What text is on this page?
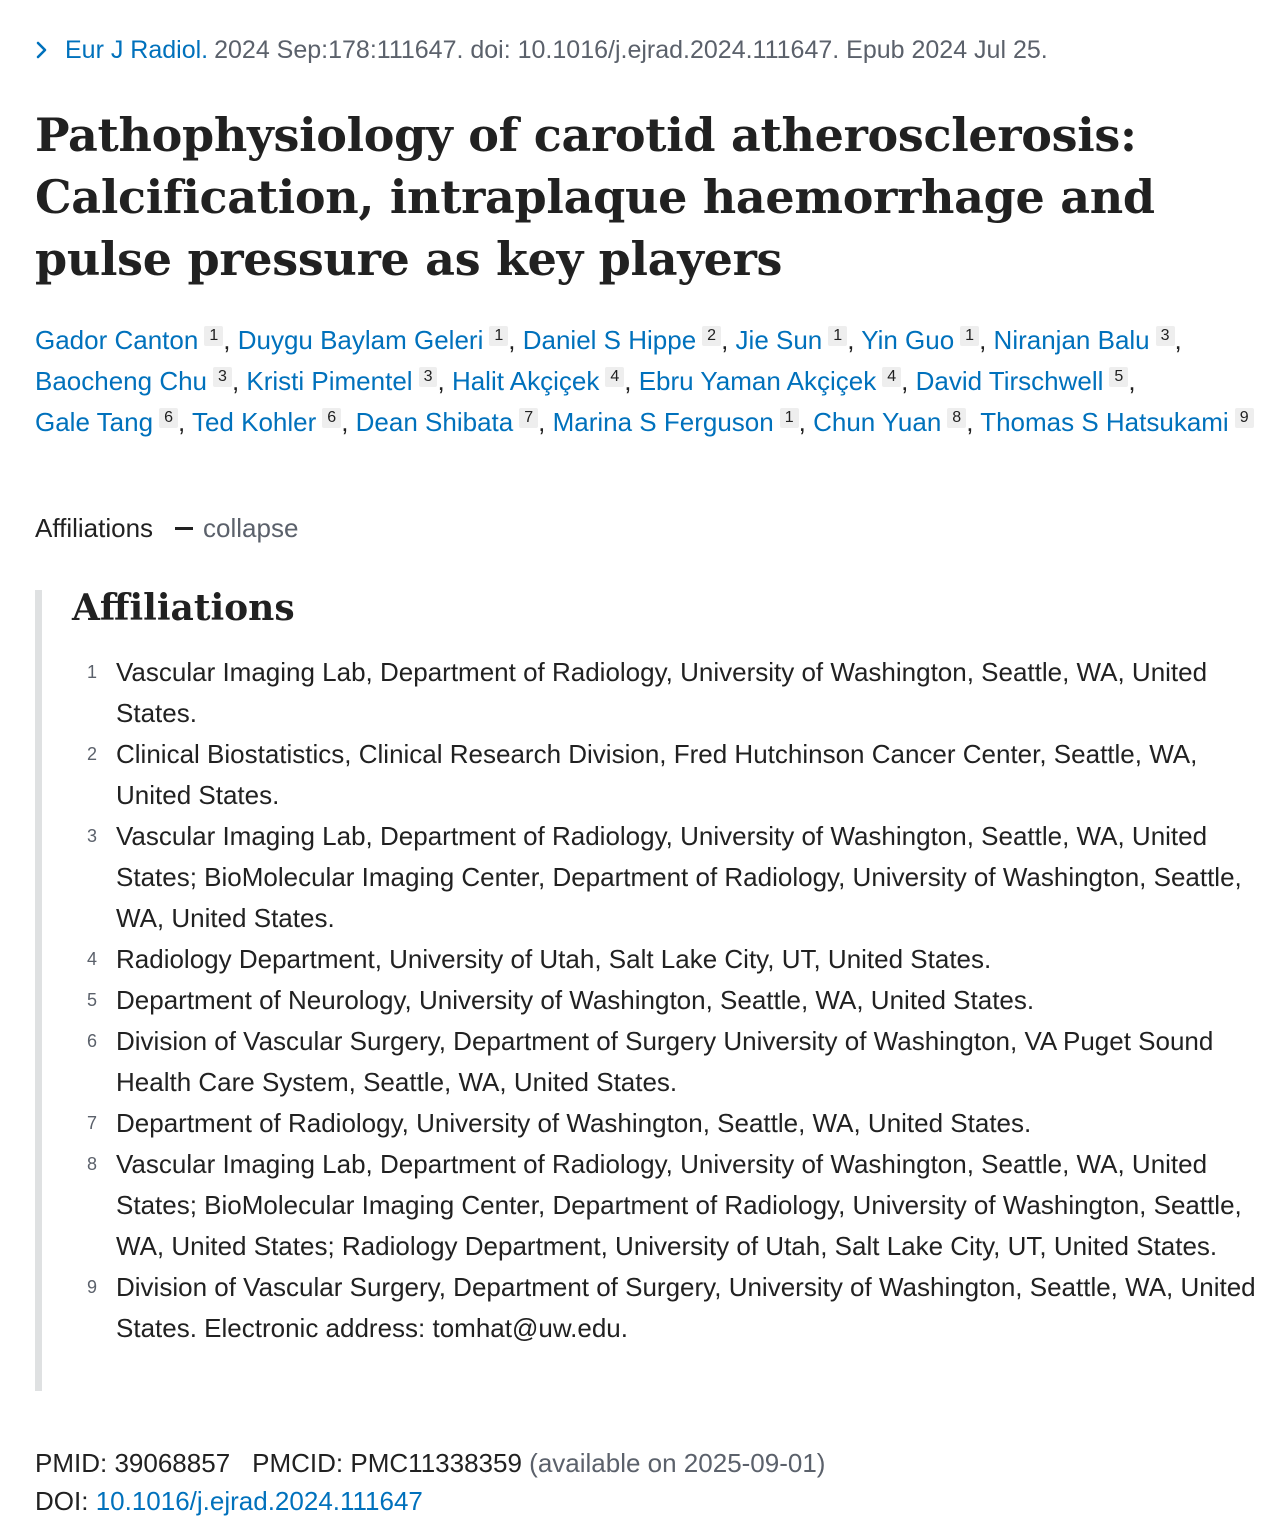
Eur J Radiol. 2024 Sep:178:111647. doi: 10.1016/j.ejrad.2024.111647. Epub 2024 Jul 25.
Pathophysiology of carotid atherosclerosis: Calcification, intraplaque haemorrhage and pulse pressure as key players
Gador Canton 1 , Duygu Baylam Geleri 1 , Daniel S Hippe 2 , Jie Sun 1 , Yin Guo 1 , Niranjan Balu 3 , Baocheng Chu 3 , Kristi Pimentel 3 , Halit Akçiçek 4 , Ebru Yaman Akçiçek 4 , David Tirschwell 5 , Gale Tang 6 , Ted Kohler 6 , Dean Shibata 7 , Marina S Ferguson 1 , Chun Yuan 8 , Thomas S Hatsukami 9
Affiliations collapse
Affiliations
1 Vascular Imaging Lab, Department of Radiology, University of Washington, Seattle, WA, United States.
2 Clinical Biostatistics, Clinical Research Division, Fred Hutchinson Cancer Center, Seattle, WA, United States.
3 Vascular Imaging Lab, Department of Radiology, University of Washington, Seattle, WA, United States; BioMolecular Imaging Center, Department of Radiology, University of Washington, Seattle, WA, United States.
4 Radiology Department, University of Utah, Salt Lake City, UT, United States.
5 Department of Neurology, University of Washington, Seattle, WA, United States.
6 Division of Vascular Surgery, Department of Surgery University of Washington, VA Puget Sound Health Care System, Seattle, WA, United States.
7 Department of Radiology, University of Washington, Seattle, WA, United States.
8 Vascular Imaging Lab, Department of Radiology, University of Washington, Seattle, WA, United States; BioMolecular Imaging Center, Department of Radiology, University of Washington, Seattle, WA, United States; Radiology Department, University of Utah, Salt Lake City, UT, United States.
9 Division of Vascular Surgery, Department of Surgery, University of Washington, Seattle, WA, United States. Electronic address: tomhat@uw.edu.
PMID: 39068857 PMCID: PMC11338359 (available on 2025-09-01)
DOI: 10.1016/j.ejrad.2024.111647
